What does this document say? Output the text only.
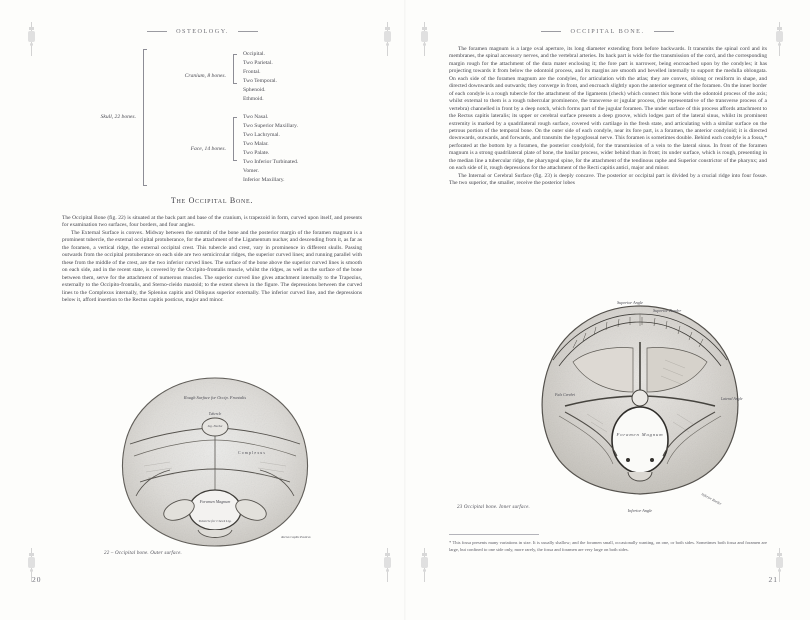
OSTEOLOGY.
Skull, 22 bones.
Cranium, 8 bones.
Occipital.
Two Parietal.
Frontal.
Two Temporal.
Sphenoid.
Ethmoid.
Face, 14 bones.
Two Nasal.
Two Superior Maxillary.
Two Lachrymal.
Two Malar.
Two Palate.
Two Inferior Turbinated.
Vomer.
Inferior Maxillary.
The Occipital Bone.

The Occipital Bone (fig. 22) is situated at the back part and base of the cranium, is trapezoid in form, curved upon itself, and presents for examination two surfaces, four borders, and four angles.

The External Surface is convex. Midway between the summit of the bone and the posterior margin of the foramen magnum is a prominent tubercle, the external occipital protuberance, for the attachment of the Ligamentum nuchæ; and descending from it, as far as the foramen, a vertical ridge, the external occipital crest. This tubercle and crest, vary in prominence in different skulls. Passing outwards from the occipital protuberance on each side are two semicircular ridges, the superior curved lines; and running parallel with these from the middle of the crest, are the two inferior curved lines. The surface of the bone above the superior curved lines is smooth on each side, and in the recent state, is covered by the Occipito-frontalis muscle, whilst the ridges, as well as the surface of the bone between them, serve for the attachment of numerous muscles. The superior curved line gives attachment internally to the Trapezius, externally to the Occipito-frontalis, and Sterno-cleido mastoid; to the extent shewn in the figure. The depressions between the curved lines to the Complexus internally, the Splenius capitis and Obliquus superior externally. The inferior curved line, and the depressions below it, afford insertion to the Rectus capitis posticus, major and minor.

Rough Surface for Occip. Frontalis
Tubercle
Lig. Nuchæ
Complexus
Foramen Magnum
Tubercle for Check Lig.
Rectus Capitis Posticus
22 – Occipital bone. Outer surface.
20
OCCIPITAL BONE.

The foramen magnum is a large oval aperture, its long diameter extending from before backwards. It transmits the spinal cord and its membranes, the spinal accessory nerves, and the vertebral arteries. Its back part is wide for the transmission of the cord, and the corresponding margin rough for the attachment of the dura mater enclosing it; the fore part is narrower, being encroached upon by the condyles; it has projecting towards it from below the odontoid process, and its margins are smooth and bevelled internally to support the medulla oblongata. On each side of the foramen magnum are the condyles, for articulation with the atlas; they are convex, oblong or reniform in shape, and directed downwards and outwards; they converge in front, and encroach slightly upon the anterior segment of the foramen. On the inner border of each condyle is a rough tubercle for the attachment of the ligaments (check) which connect this bone with the odontoid process of the axis; whilst external to them is a rough tubercular prominence, the transverse or jugular process, (the representative of the transverse process of a vertebra) channelled in front by a deep notch, which forms part of the jugular foramen. The under surface of this process affords attachment to the Rectus capitis lateralis; its upper or cerebral surface presents a deep groove, which lodges part of the lateral sinus, whilst its prominent extremity is marked by a quadrilateral rough surface, covered with cartilage in the fresh state, and articulating with a similar surface on the petrous portion of the temporal bone. On the outer side of each condyle, near its fore part, is a foramen, the anterior condyloid; it is directed downwards, outwards, and forwards, and transmits the hypoglossal nerve. This foramen is sometimes double. Behind each condyle is a fossa,* perforated at the bottom by a foramen, the posterior condyloid, for the transmission of a vein to the lateral sinus. In front of the foramen magnum is a strong quadrilateral plate of bone, the basilar process, wider behind than in front; its under surface, which is rough, presenting in the median line a tubercular ridge, the pharyngeal spine, for the attachment of the tendinous raphe and Superior constrictor of the pharynx; and on each side of it, rough depressions for the attachment of the Recti capitis antici, major and minor.

The Internal or Cerebral Surface (fig. 23) is deeply concave. The posterior or occipital part is divided by a crucial ridge into four fossæ. The two superior, the smaller, receive the posterior lobes

Superior Angle
Superior Border
Falx Cerebri
Foramen Magnum
Lateral Angle
Inferior Angle
Inferior Border
23 Occipital bone. Inner surface.
* This fossa presents many variations in size. It is usually shallow; and the foramen small, occasionally wanting, on one, or both sides. Sometimes both fossa and foramen are large, but confined to one side only, more rarely, the fossa and foramen are very large on both sides.
21
